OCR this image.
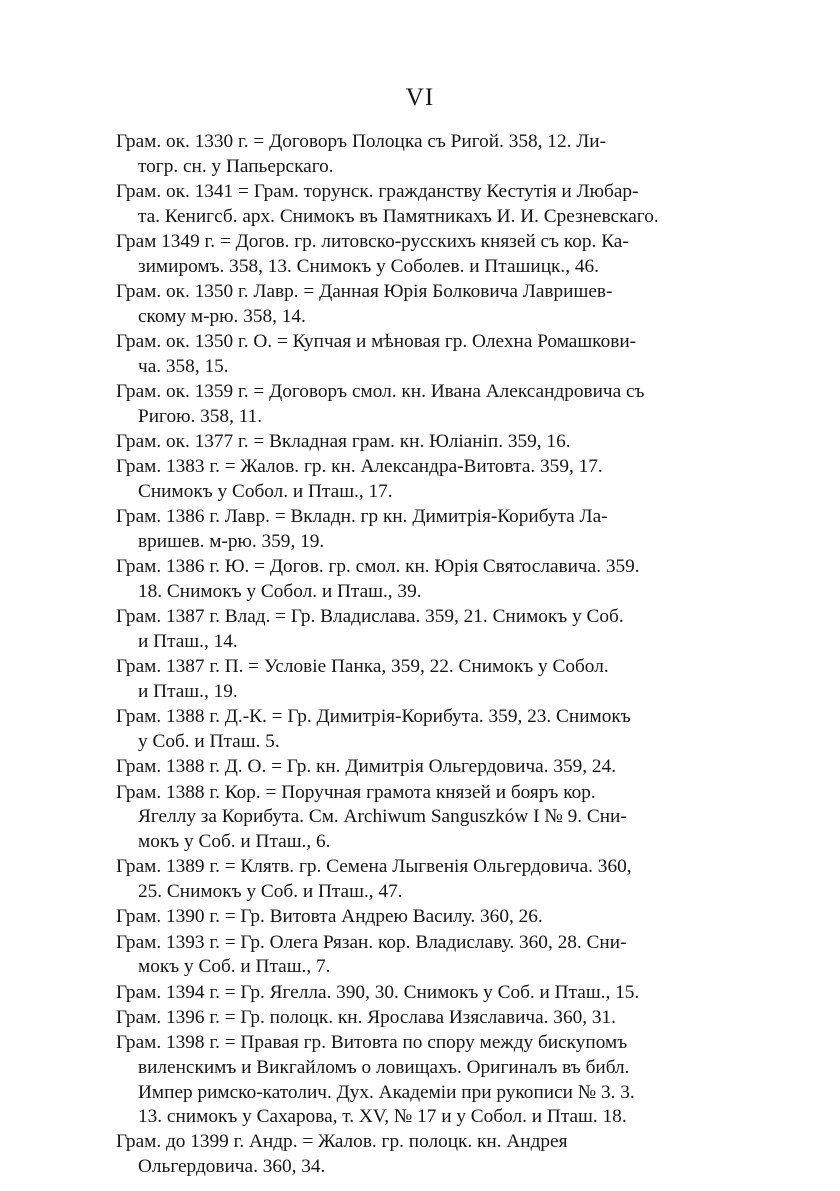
VI

Грам. ок. 1330 г. = Договоръ Полоцка съ Ригой. 358, 12. Ли-
тогр. сн. у Папьерскаго.

Грам. ок. 1341 = Грам. торунск. гражданству Кестутія и Любар-
та. Кенигсб. арх. Снимокъ въ Памятникахъ И. И. Срезневскаго.

Грам 1349 г. = Догов. гр. литовско-русскихъ князей съ кор. Ка-
зимиромъ. 358, 13. Снимокъ у Соболев. и Пташицк., 46.

Грам. ок. 1350 г. Лавр. = Данная Юрія Болковича Лавришев-
скому м-рю. 358, 14.

Грам. ок. 1350 г. О. = Купчая и мѣновая гр. Олехна Ромашкови-
ча. 358, 15.

Грам. ок. 1359 г. = Договоръ смол. кн. Ивана Александровича съ
Ригою. 358, 11.

Грам. ок. 1377 г. = Вкладная грам. кн. Юліанiп. 359, 16.

Грам. 1383 г. = Жалов. гр. кн. Александра-Витовта. 359, 17.
Снимокъ у Собол. и Пташ., 17.

Грам. 1386 г. Лавр. = Вкладн. гр кн. Димитрія-Корибута Ла-
вришев. м-рю. 359, 19.

Грам. 1386 г. Ю. = Догов. гр. смол. кн. Юрія Святославича. 359.
18. Снимокъ у Собол. и Пташ., 39.

Грам. 1387 г. Влад. = Гр. Владислава. 359, 21. Снимокъ у Соб.
и Пташ., 14.

Грам. 1387 г. П. = Условіе Панка, 359, 22. Снимокъ у Собол.
и Пташ., 19.

Грам. 1388 г. Д.-К. = Гр. Димитрія-Корибута. 359, 23. Снимокъ
у Соб. и Пташ. 5.

Грам. 1388 г. Д. О. = Гр. кн. Димитрія Ольгердовича. 359, 24.

Грам. 1388 г. Кор. = Поручная грамота князей и бояръ кор.
Ягеллу за Корибута. См. Archiwum Sanguszków I № 9. Сни-
мокъ у Соб. и Пташ., 6.

Грам. 1389 г. = Клятв. гр. Семена Лыгвенія Ольгердовича. 360,
25. Снимокъ у Соб. и Пташ., 47.

Грам. 1390 г. = Гр. Витовта Андрею Василу. 360, 26.

Грам. 1393 г. = Гр. Олега Рязан. кор. Владиславу. 360, 28. Сни-
мокъ у Соб. и Пташ., 7.

Грам. 1394 г. = Гр. Ягелла. 390, 30. Снимокъ у Соб. и Пташ., 15.

Грам. 1396 г. = Гр. полоцк. кн. Ярослава Изяславича. 360, 31.

Грам. 1398 г. = Правая гр. Витовта по спору между бискупомъ
виленскимъ и Викгайломъ о ловищахъ. Оригиналъ въ библ.
Импер римско-католич. Дух. Академіи при рукописи № 3. 3.
13. снимокъ у Сахарова, т. XV, № 17 и у Собол. и Пташ. 18.

Грам. до 1399 г. Андр. = Жалов. гр. полоцк. кн. Андрея
Ольгердовича. 360, 34.
